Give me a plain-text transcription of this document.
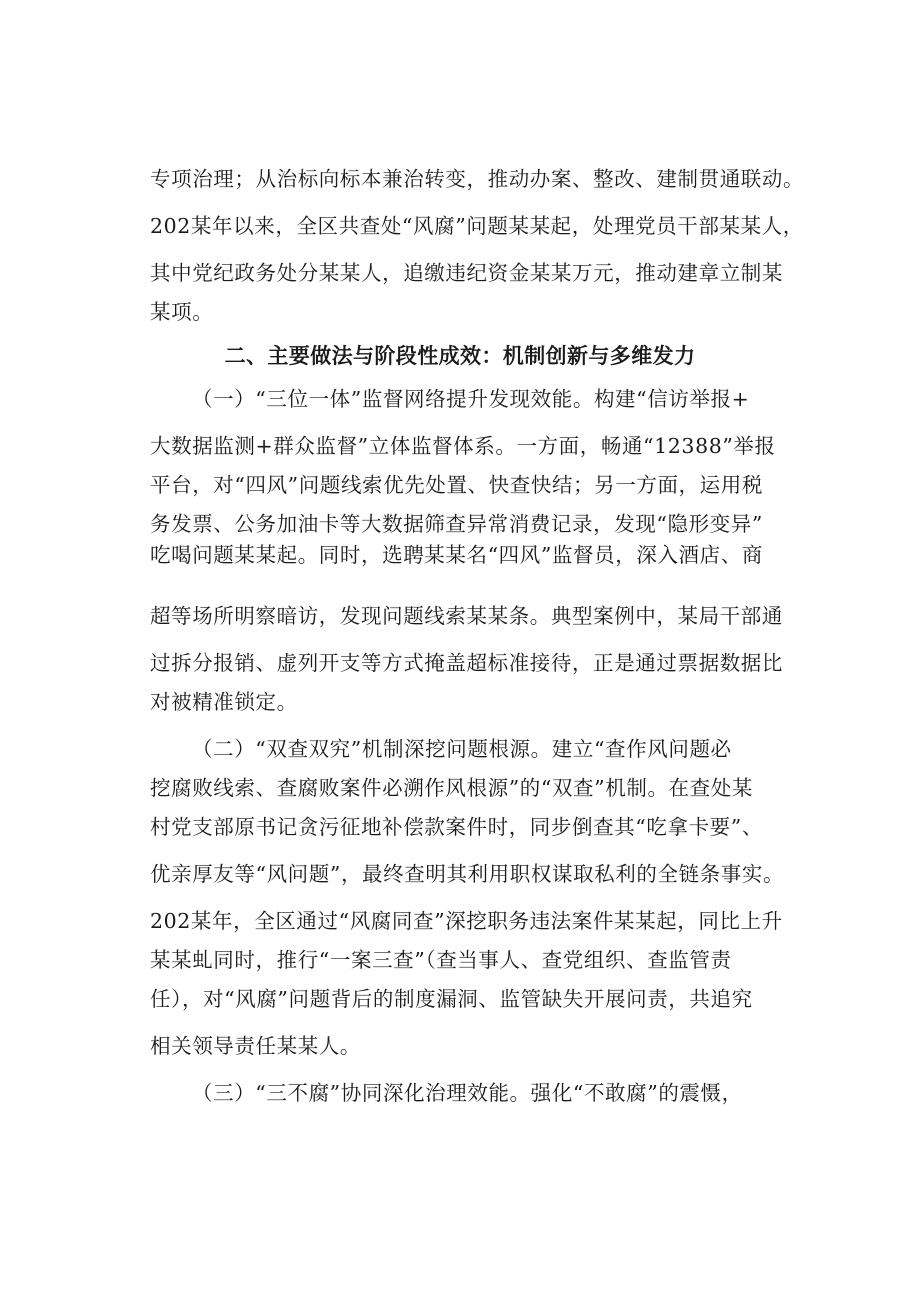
专项治理；从治标向标本兼治转变，推动办案、整改、建制贯通联动。
202某年以来，全区共查处“风腐”问题某某起，处理党员干部某某人，
其中党纪政务处分某某人，追缴违纪资金某某万元，推动建章立制某
某项。
二、主要做法与阶段性成效：机制创新与多维发力
（一）“三位一体”监督网络提升发现效能。构建“信访举报+
大数据监测+群众监督”立体监督体系。一方面，畅通“12388”举报
平台，对“四风”问题线索优先处置、快查快结；另一方面，运用税
务发票、公务加油卡等大数据筛查异常消费记录，发现“隐形变异”
吃喝问题某某起。同时，选聘某某名“四风”监督员，深入酒店、商
超等场所明察暗访，发现问题线索某某条。典型案例中，某局干部通
过拆分报销、虚列开支等方式掩盖超标准接待，正是通过票据数据比
对被精准锁定。
（二）“双查双究”机制深挖问题根源。建立“查作风问题必
挖腐败线索、查腐败案件必溯作风根源”的“双查”机制。在查处某
村党支部原书记贪污征地补偿款案件时，同步倒查其“吃拿卡要”、
优亲厚友等“风问题”，最终查明其利用职权谋取私利的全链条事实。
202某年，全区通过“风腐同查”深挖职务违法案件某某起，同比上升
某某虬同时，推行“一案三查”（查当事人、查党组织、查监管责
任），对“风腐”问题背后的制度漏洞、监管缺失开展问责，共追究
相关领导责任某某人。
（三）“三不腐”协同深化治理效能。强化“不敢腐”的震慑，
